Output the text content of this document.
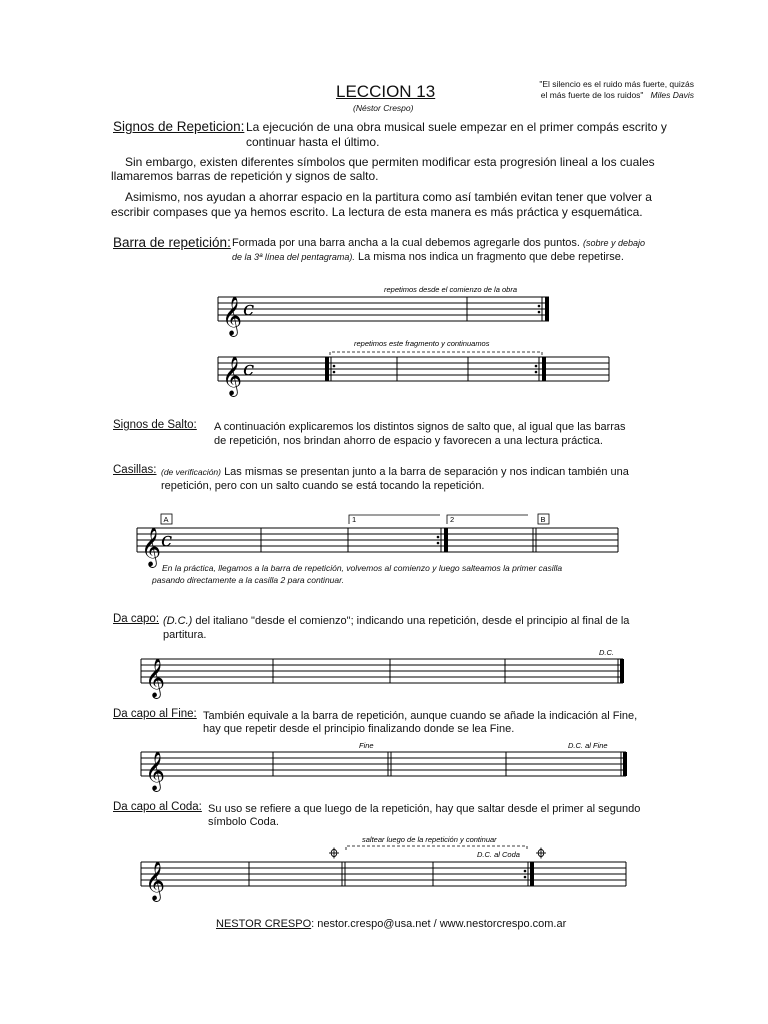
LECCION 13
(Néstor Crespo)
"El silencio es el ruido más fuerte, quizás
el más fuerte de los ruidos" Miles Davis
Signos de Repeticion: La ejecución de una obra musical suele empezar en el primer compás escrito y
continuar hasta el último.
Sin embargo, existen diferentes símbolos que permiten modificar esta progresión lineal a los cuales
llamaremos barras de repetición y signos de salto.
Asimismo, nos ayudan a ahorrar espacio en la partitura como así también evitan tener que volver a
escribir compases que ya hemos escrito. La lectura de esta manera es más práctica y esquemática.
Barra de repetición: Formada por una barra ancha a la cual debemos agregarle dos puntos. (sobre y debajo
de la 3ª línea del pentagrama). La misma nos indica un fragmento que debe repetirse.
Signos de Salto: A continuación explicaremos los distintos signos de salto que, al igual que las barras
de repetición, nos brindan ahorro de espacio y favorecen a una lectura práctica.
Casillas: (de verificación) Las mismas se presentan junto a la barra de separación y nos indican también una
repetición, pero con un salto cuando se está tocando la repetición.
En la práctica, llegamos a la barra de repetición, volvemos al comienzo y luego salteamos la primer casilla
pasando directamente a la casilla 2 para continuar.
Da capo: (D.C.) del italiano "desde el comienzo"; indicando una repetición, desde el principio al final de la
partitura.
Da capo al Fine: También equivale a la barra de repetición, aunque cuando se añade la indicación al Fine,
hay que repetir desde el principio finalizando donde se lea Fine.
Da capo al Coda: Su uso se refiere a que luego de la repetición, hay que saltar desde el primer al segundo
símbolo Coda.
NESTOR CRESPO: nestor.crespo@usa.net / www.nestorcrespo.com.ar
𝄞 c
repetimos desde el comienzo de la obra
𝄞 c
repetimos este fragmento y continuamos
𝄞 c
A	1	2	B
𝄞
D.C.
𝄞
Fine	D.C. al Fine
𝄞
saltear luego de la repetición y continuar
D.C. al Coda
